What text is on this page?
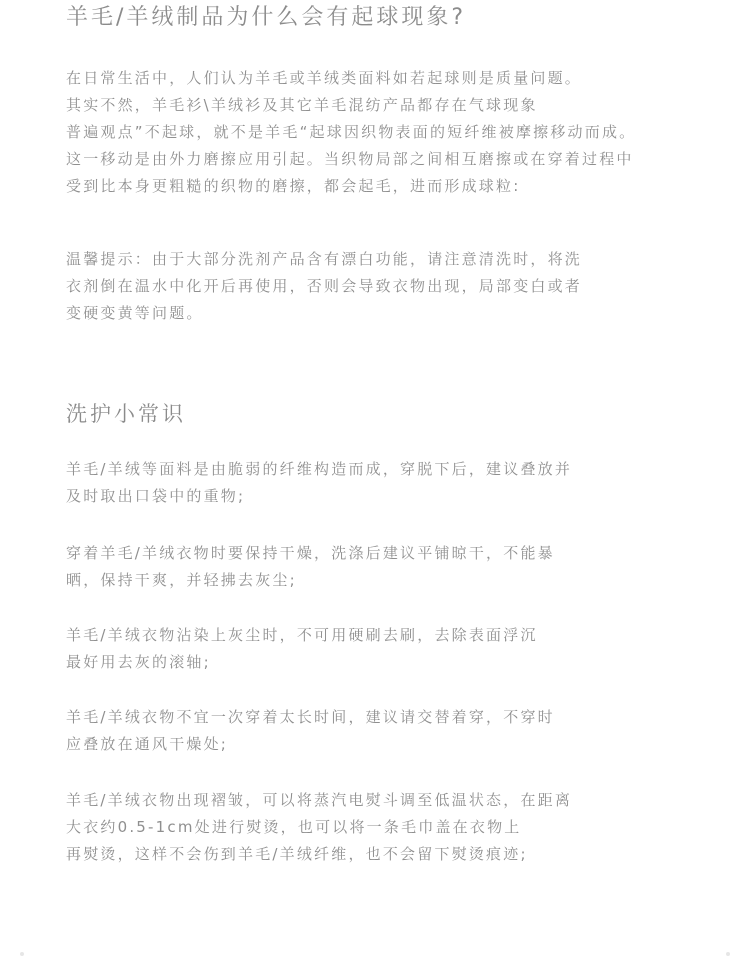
羊毛/羊绒制品为什么会有起球现象?
在日常生活中，人们认为羊毛或羊绒类面料如若起球则是质量问题。
其实不然，羊毛衫\羊绒衫及其它羊毛混纺产品都存在气球现象
普遍观点”不起球，就不是羊毛“起球因织物表面的短纤维被摩擦移动而成。
这一移动是由外力磨擦应用引起。当织物局部之间相互磨擦或在穿着过程中
受到比本身更粗糙的织物的磨擦，都会起毛，进而形成球粒:
温馨提示：由于大部分洗剂产品含有漂白功能，请注意清洗时，将洗
衣剂倒在温水中化开后再使用，否则会导致衣物出现，局部变白或者
变硬变黄等问题。
洗护小常识
羊毛/羊绒等面料是由脆弱的纤维构造而成，穿脱下后，建议叠放并
及时取出口袋中的重物;
穿着羊毛/羊绒衣物时要保持干燥，洗涤后建议平铺晾干，不能暴
晒，保持干爽，并轻拂去灰尘;
羊毛/羊绒衣物沾染上灰尘时，不可用硬刷去刷，去除表面浮沉
最好用去灰的滚轴;
羊毛/羊绒衣物不宜一次穿着太长时间，建议请交替着穿，不穿时
应叠放在通风干燥处;
羊毛/羊绒衣物出现褶皱，可以将蒸汽电熨斗调至低温状态，在距离
大衣约0.5-1cm处进行熨烫，也可以将一条毛巾盖在衣物上
再熨烫，这样不会伤到羊毛/羊绒纤维，也不会留下熨烫痕迹;
